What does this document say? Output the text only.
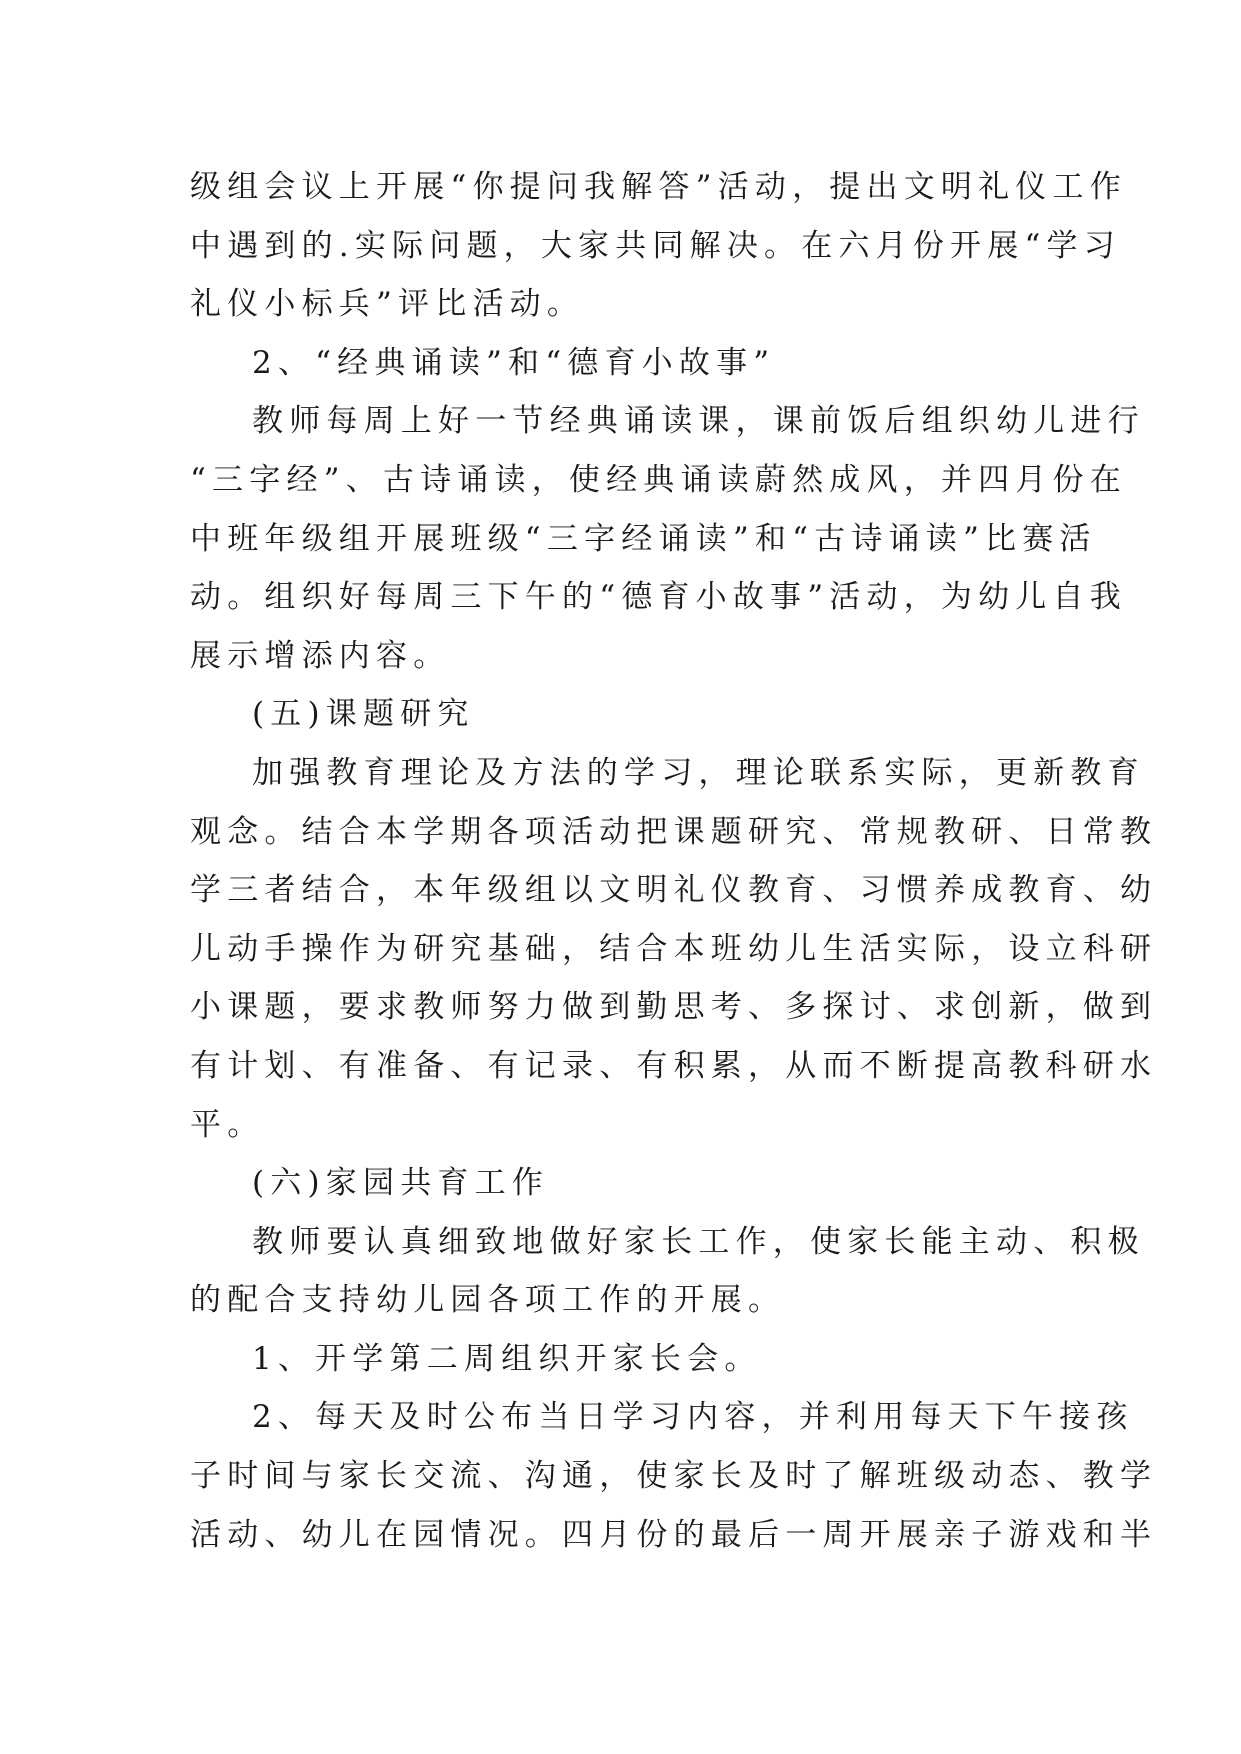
级组会议上开展“你提问我解答”活动，提出文明礼仪工作
中遇到的.实际问题，大家共同解决。在六月份开展“学习
礼仪小标兵”评比活动。
2、“经典诵读”和“德育小故事”
教师每周上好一节经典诵读课，课前饭后组织幼儿进行
“三字经”、古诗诵读，使经典诵读蔚然成风，并四月份在
中班年级组开展班级“三字经诵读”和“古诗诵读”比赛活
动。组织好每周三下午的“德育小故事”活动，为幼儿自我
展示增添内容。
(五)课题研究
加强教育理论及方法的学习，理论联系实际，更新教育
观念。结合本学期各项活动把课题研究、常规教研、日常教
学三者结合，本年级组以文明礼仪教育、习惯养成教育、幼
儿动手操作为研究基础，结合本班幼儿生活实际，设立科研
小课题，要求教师努力做到勤思考、多探讨、求创新，做到
有计划、有准备、有记录、有积累，从而不断提高教科研水
平。
(六)家园共育工作
教师要认真细致地做好家长工作，使家长能主动、积极
的配合支持幼儿园各项工作的开展。
1、开学第二周组织开家长会。
2、每天及时公布当日学习内容，并利用每天下午接孩
子时间与家长交流、沟通，使家长及时了解班级动态、教学
活动、幼儿在园情况。四月份的最后一周开展亲子游戏和半
